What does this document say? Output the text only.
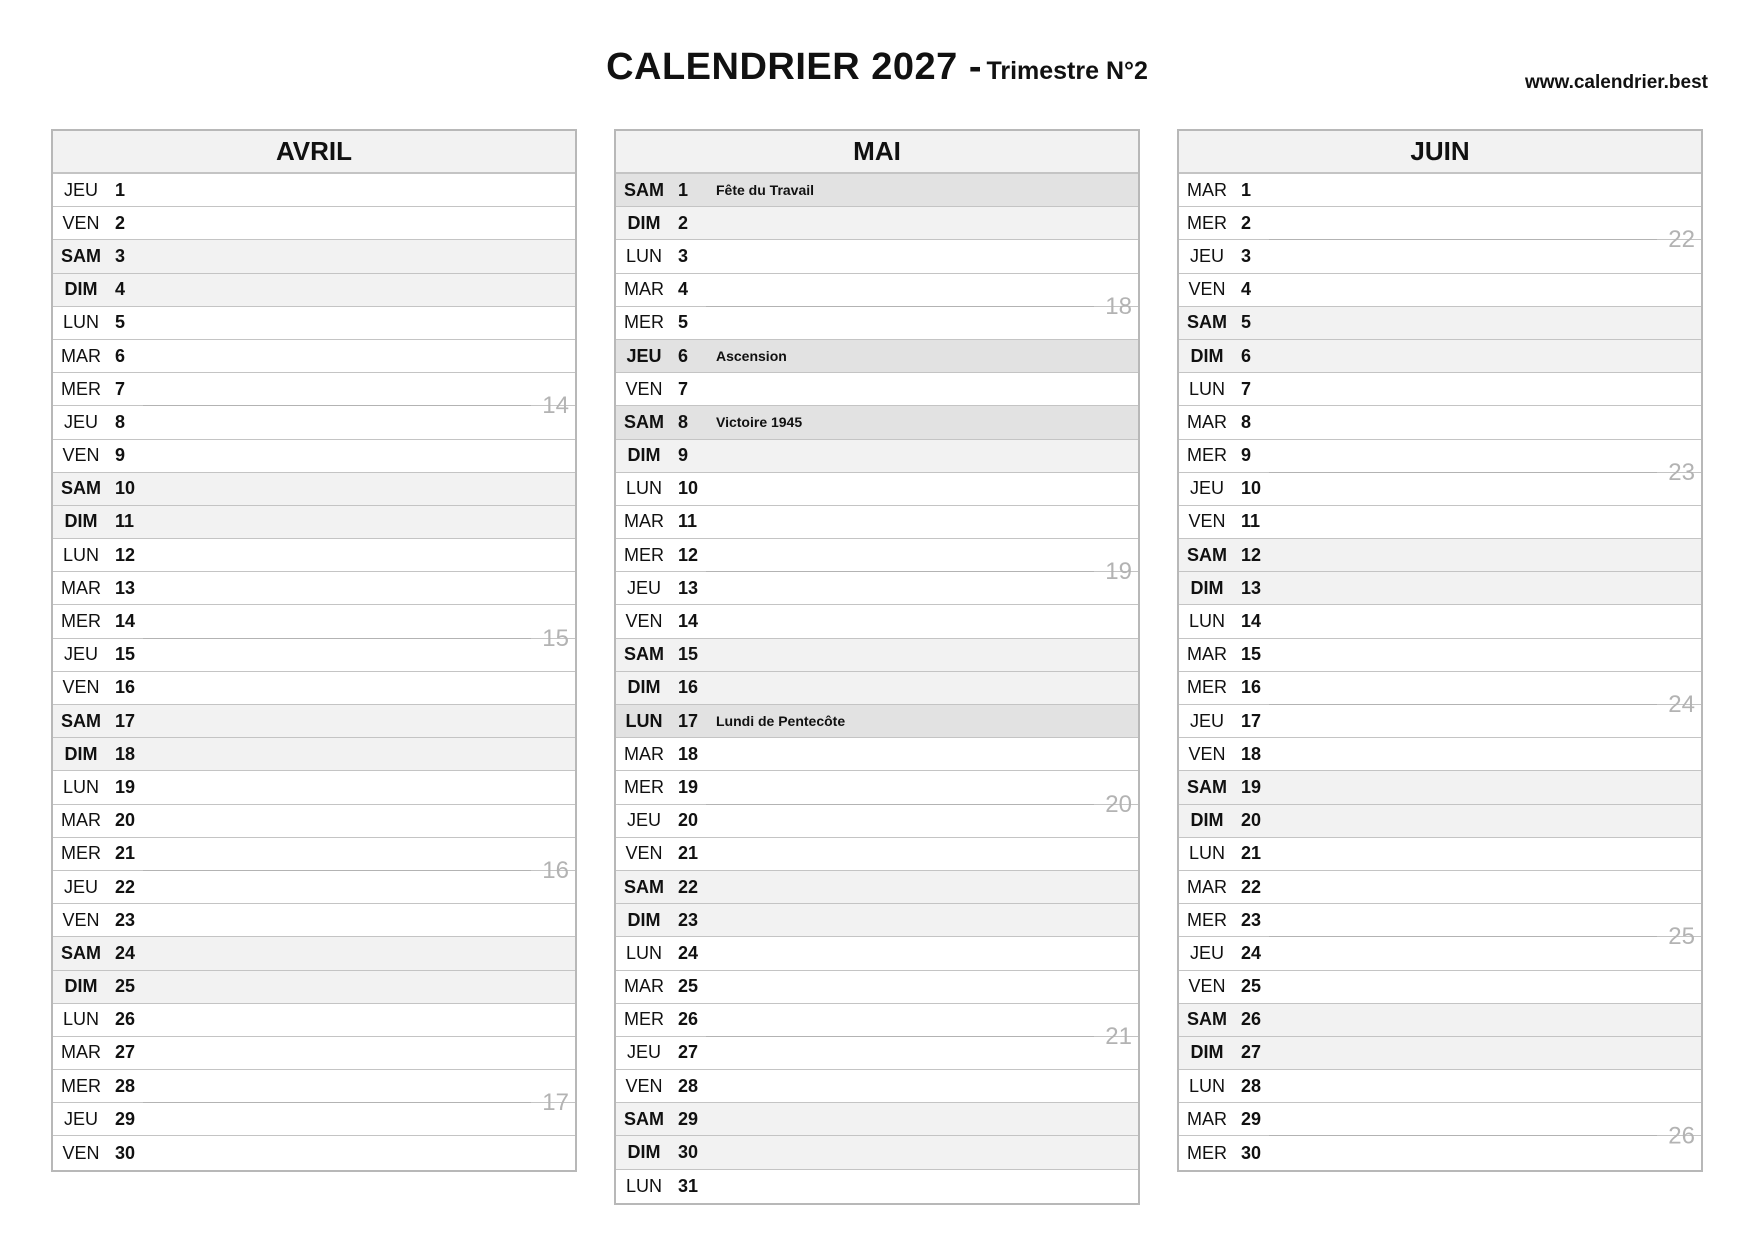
CALENDRIER 2027 - Trimestre N°2	www.calendrier.best
AVRIL
JEU 1
VEN 2
SAM 3
DIM 4
LUN 5
MAR 6
MER 7
JEU 8
14
VEN 9
SAM 10
DIM 11
LUN 12
MAR 13
MER 14
JEU 15
15
VEN 16
SAM 17
DIM 18
LUN 19
MAR 20
MER 21
JEU 22
16
VEN 23
SAM 24
DIM 25
LUN 26
MAR 27
MER 28
JEU 29
17
VEN 30
MAI
SAM 1	Fête du Travail
DIM 2
LUN 3
MAR 4
MER 5
18
JEU 6	Ascension
VEN 7
SAM 8	Victoire 1945
DIM 9
LUN 10
MAR 11
MER 12
JEU 13
19
VEN 14
SAM 15
DIM 16
LUN 17	Lundi de Pentecôte
MAR 18
MER 19
JEU 20
20
VEN 21
SAM 22
DIM 23
LUN 24
MAR 25
MER 26
JEU 27
21
VEN 28
SAM 29
DIM 30
LUN 31
JUIN
MAR 1
MER 2
JEU 3
22
VEN 4
SAM 5
DIM 6
LUN 7
MAR 8
MER 9
JEU 10
23
VEN 11
SAM 12
DIM 13
LUN 14
MAR 15
MER 16
JEU 17
24
VEN 18
SAM 19
DIM 20
LUN 21
MAR 22
MER 23
JEU 24
25
VEN 25
SAM 26
DIM 27
LUN 28
MAR 29
MER 30
26
